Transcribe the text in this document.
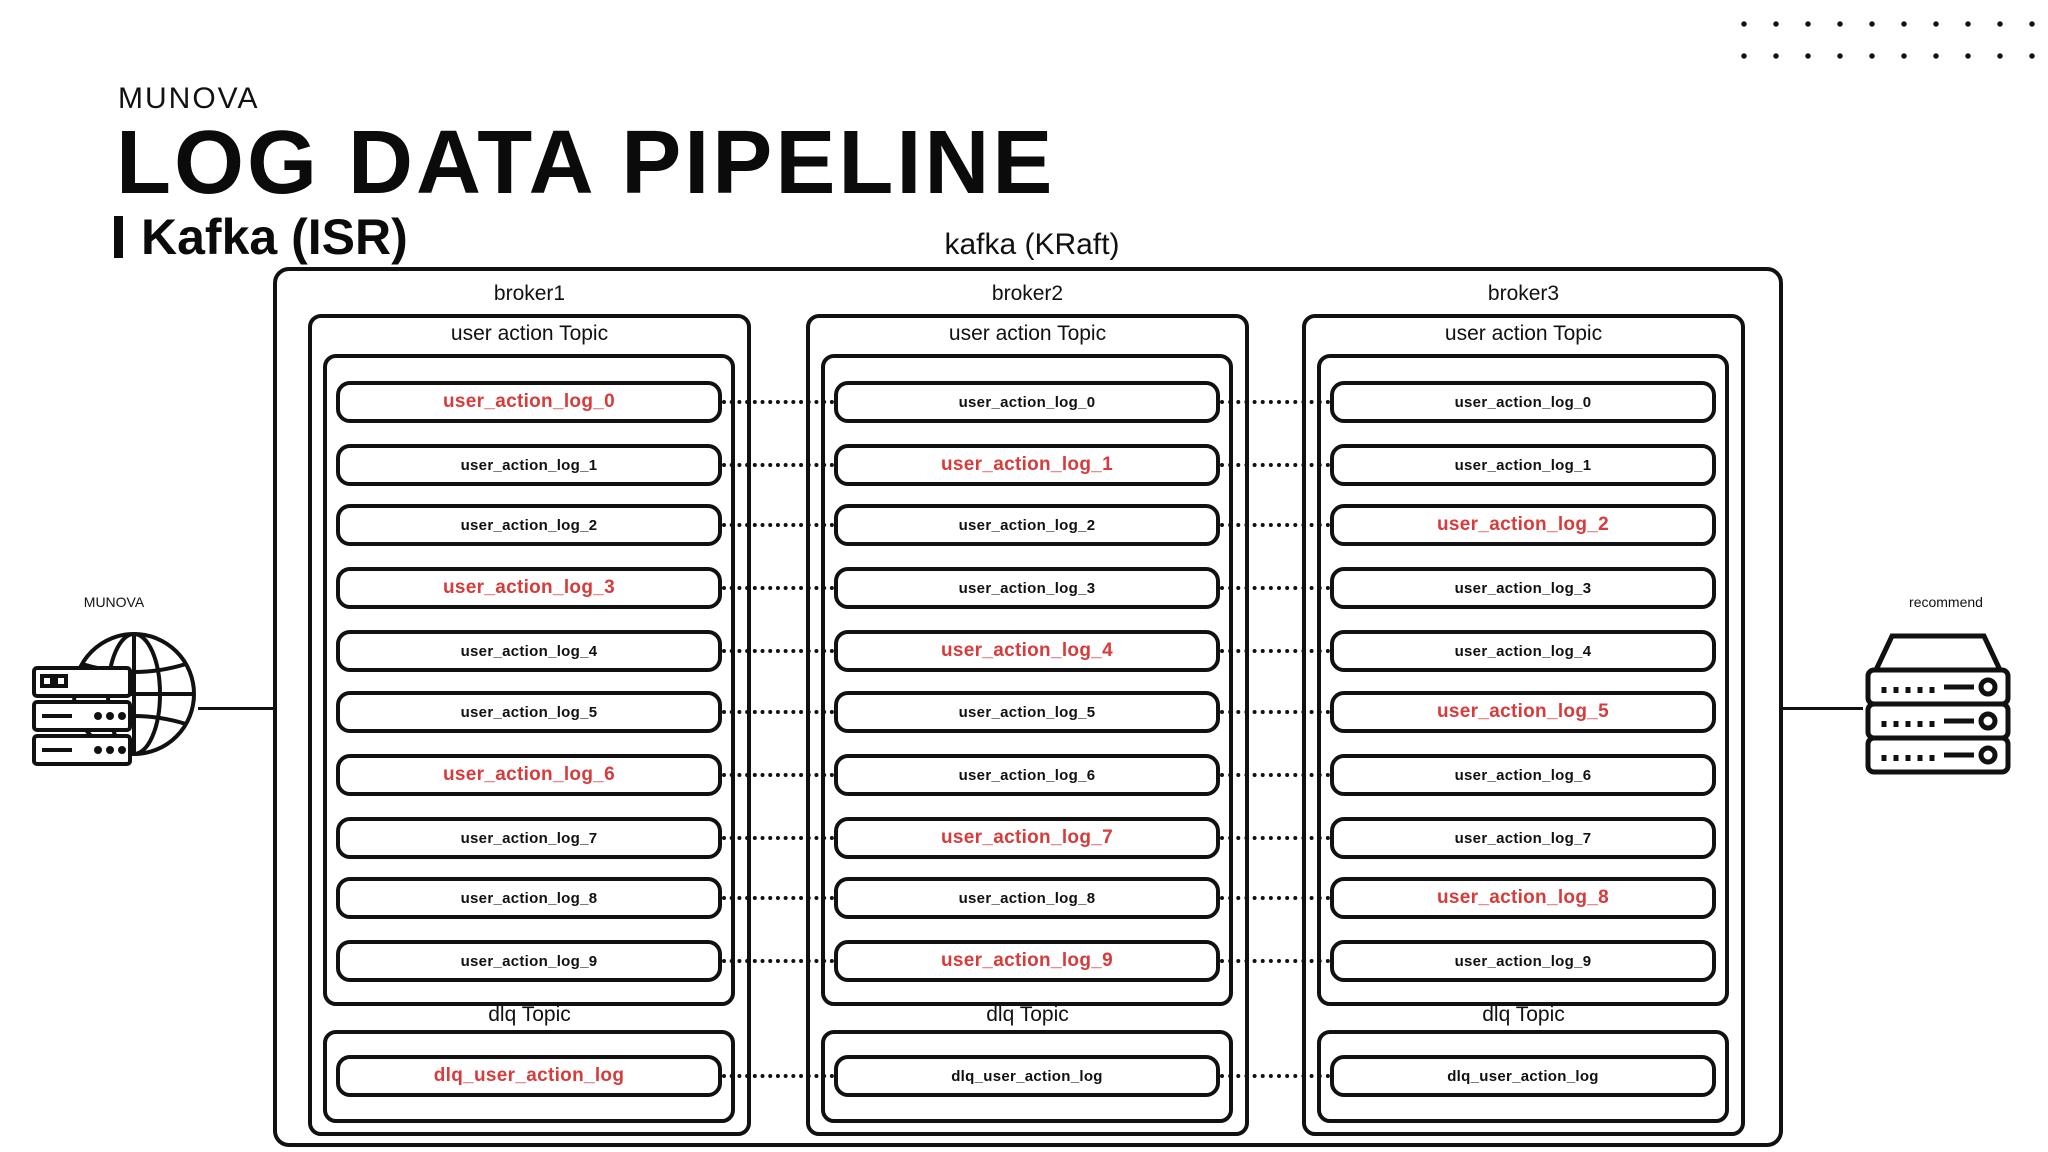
MUNOVA
LOG DATA PIPELINE
Kafka (ISR)	kafka (KRaft)
broker1
user action Topic
dlq Topic
user_action_log_0
user_action_log_1
user_action_log_2
user_action_log_3
user_action_log_4
user_action_log_5
user_action_log_6
user_action_log_7
user_action_log_8
user_action_log_9
dlq_user_action_log
broker2
user action Topic
dlq Topic
user_action_log_0
user_action_log_1
user_action_log_2
user_action_log_3
user_action_log_4
user_action_log_5
user_action_log_6
user_action_log_7
user_action_log_8
user_action_log_9
dlq_user_action_log
broker3
user action Topic
dlq Topic
user_action_log_0
user_action_log_1
user_action_log_2
user_action_log_3
user_action_log_4
user_action_log_5
user_action_log_6
user_action_log_7
user_action_log_8
user_action_log_9
dlq_user_action_log
MUNOVA	recommend
